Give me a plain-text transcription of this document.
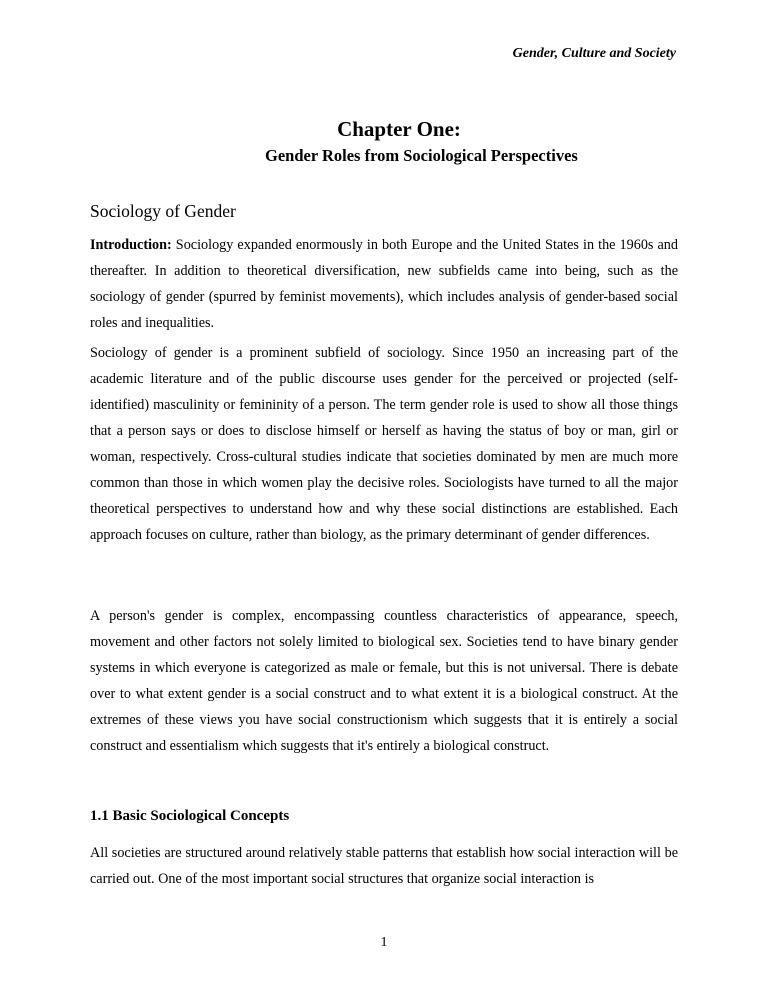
Gender, Culture and Society
Chapter One:
Gender Roles from Sociological Perspectives
Sociology of Gender

Introduction: Sociology expanded enormously in both Europe and the United States in the 1960s and thereafter. In addition to theoretical diversification, new subfields came into being, such as the sociology of gender (spurred by feminist movements), which includes analysis of gender-based social roles and inequalities.

Sociology of gender is a prominent subfield of sociology. Since 1950 an increasing part of the academic literature and of the public discourse uses gender for the perceived or projected (self-identified) masculinity or femininity of a person. The term gender role is used to show all those things that a person says or does to disclose himself or herself as having the status of boy or man, girl or woman, respectively. Cross-cultural studies indicate that societies dominated by men are much more common than those in which women play the decisive roles. Sociologists have turned to all the major theoretical perspectives to understand how and why these social distinctions are established. Each approach focuses on culture, rather than biology, as the primary determinant of gender differences.

A person's gender is complex, encompassing countless characteristics of appearance, speech, movement and other factors not solely limited to biological sex. Societies tend to have binary gender systems in which everyone is categorized as male or female, but this is not universal. There is debate over to what extent gender is a social construct and to what extent it is a biological construct. At the extremes of these views you have social constructionism which suggests that it is entirely a social construct and essentialism which suggests that it's entirely a biological construct.

1.1 Basic Sociological Concepts

All societies are structured around relatively stable patterns that establish how social interaction will be carried out. One of the most important social structures that organize social interaction is

1
